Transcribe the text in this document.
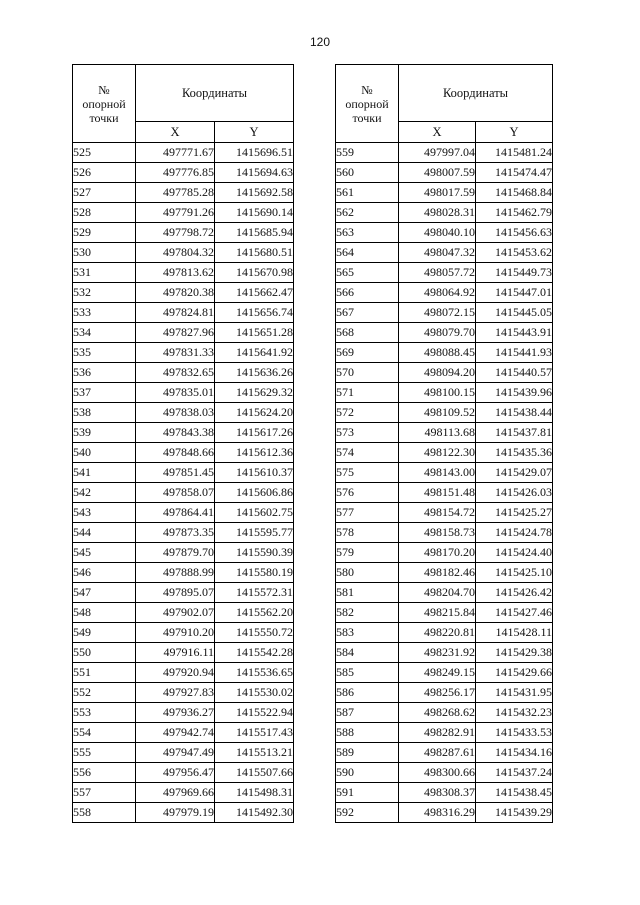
120
№
опорной
точки	Координаты	
	X	Y
525	497771.67	1415696.51
526	497776.85	1415694.63
527	497785.28	1415692.58
528	497791.26	1415690.14
529	497798.72	1415685.94
530	497804.32	1415680.51
531	497813.62	1415670.98
532	497820.38	1415662.47
533	497824.81	1415656.74
534	497827.96	1415651.28
535	497831.33	1415641.92
536	497832.65	1415636.26
537	497835.01	1415629.32
538	497838.03	1415624.20
539	497843.38	1415617.26
540	497848.66	1415612.36
541	497851.45	1415610.37
542	497858.07	1415606.86
543	497864.41	1415602.75
544	497873.35	1415595.77
545	497879.70	1415590.39
546	497888.99	1415580.19
547	497895.07	1415572.31
548	497902.07	1415562.20
549	497910.20	1415550.72
550	497916.11	1415542.28
551	497920.94	1415536.65
552	497927.83	1415530.02
553	497936.27	1415522.94
554	497942.74	1415517.43
555	497947.49	1415513.21
556	497956.47	1415507.66
557	497969.66	1415498.31
558	497979.19	1415492.30
№
опорной
точки	Координаты	
	X	Y
559	497997.04	1415481.24
560	498007.59	1415474.47
561	498017.59	1415468.84
562	498028.31	1415462.79
563	498040.10	1415456.63
564	498047.32	1415453.62
565	498057.72	1415449.73
566	498064.92	1415447.01
567	498072.15	1415445.05
568	498079.70	1415443.91
569	498088.45	1415441.93
570	498094.20	1415440.57
571	498100.15	1415439.96
572	498109.52	1415438.44
573	498113.68	1415437.81
574	498122.30	1415435.36
575	498143.00	1415429.07
576	498151.48	1415426.03
577	498154.72	1415425.27
578	498158.73	1415424.78
579	498170.20	1415424.40
580	498182.46	1415425.10
581	498204.70	1415426.42
582	498215.84	1415427.46
583	498220.81	1415428.11
584	498231.92	1415429.38
585	498249.15	1415429.66
586	498256.17	1415431.95
587	498268.62	1415432.23
588	498282.91	1415433.53
589	498287.61	1415434.16
590	498300.66	1415437.24
591	498308.37	1415438.45
592	498316.29	1415439.29
